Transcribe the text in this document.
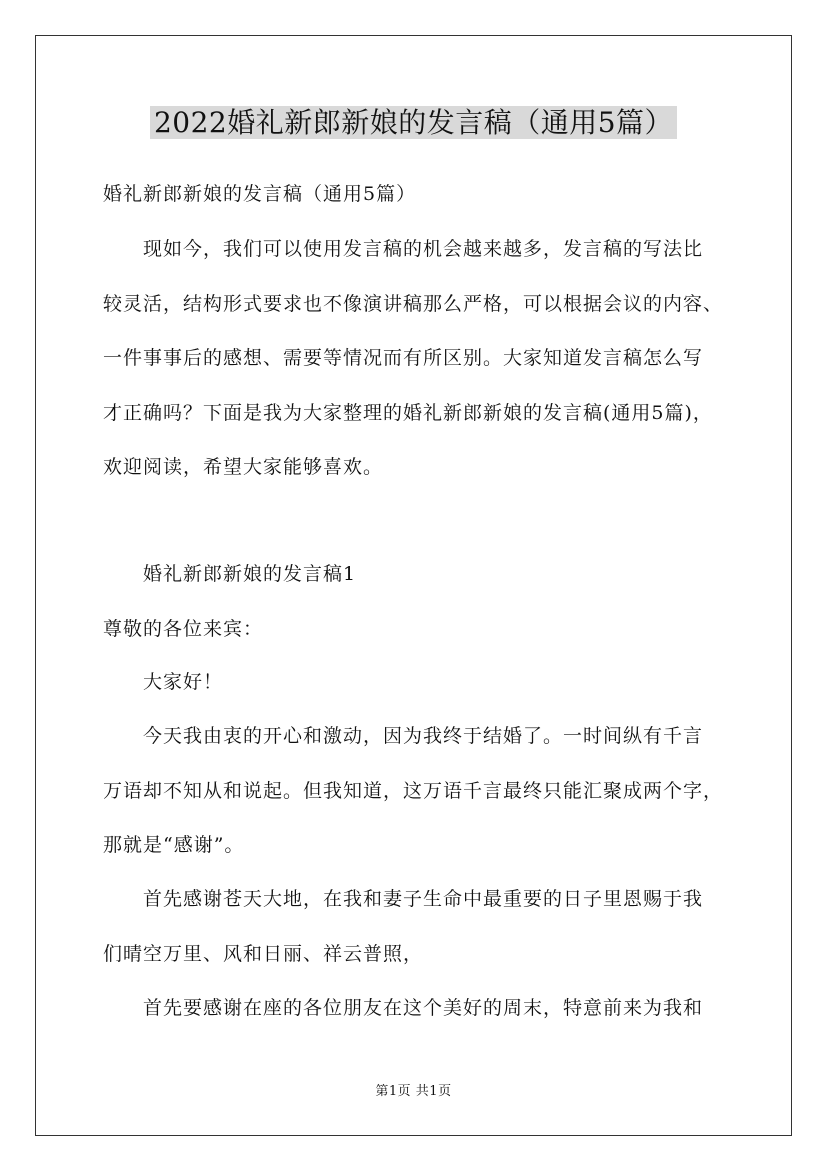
2022婚礼新郎新娘的发言稿（通用5篇）
婚礼新郎新娘的发言稿（通用5篇）
现如今，我们可以使用发言稿的机会越来越多，发言稿的写法比
较灵活，结构形式要求也不像演讲稿那么严格，可以根据会议的内容、
一件事事后的感想、需要等情况而有所区别。大家知道发言稿怎么写
才正确吗？下面是我为大家整理的婚礼新郎新娘的发言稿(通用5篇)，
欢迎阅读，希望大家能够喜欢。
婚礼新郎新娘的发言稿1
尊敬的各位来宾：
大家好！
今天我由衷的开心和激动，因为我终于结婚了。一时间纵有千言
万语却不知从和说起。但我知道，这万语千言最终只能汇聚成两个字，
那就是“感谢”。
首先感谢苍天大地，在我和妻子生命中最重要的日子里恩赐于我
们晴空万里、风和日丽、祥云普照，
首先要感谢在座的各位朋友在这个美好的周末，特意前来为我和
第1页 共1页
